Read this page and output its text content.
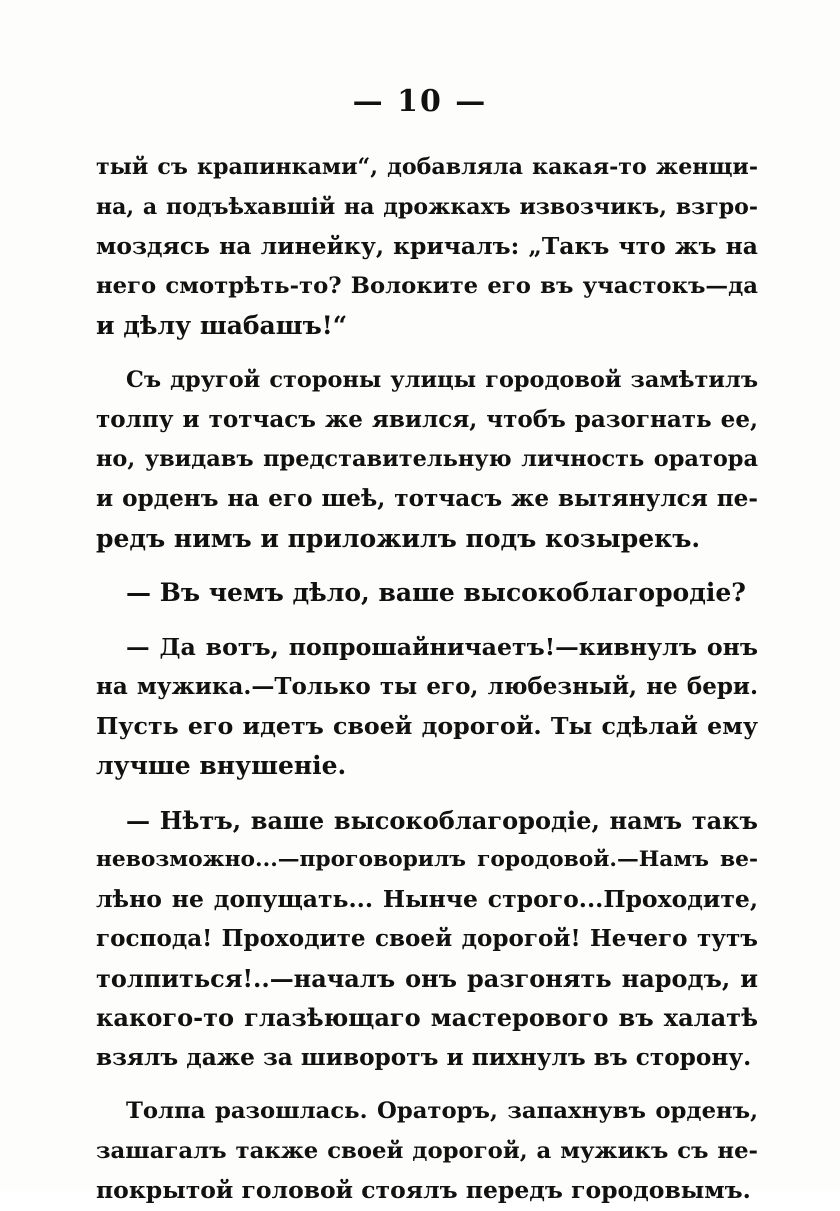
— 10 —
тый съ крапинками“, добавляла какая-то женщи-
на, а подъѣхавшій на дрожкахъ извозчикъ, взгро-
моздясь на линейку, кричалъ: „Такъ что жъ на
него смотрѣть-то? Волоките его въ участокъ—да
и дѣлу шабашъ!“
Съ другой стороны улицы городовой замѣтилъ
толпу и тотчасъ же явился, чтобъ разогнать ее,
но, увидавъ представительную личность оратора
и орденъ на его шеѣ, тотчасъ же вытянулся пе-
редъ нимъ и приложилъ подъ козырекъ.
— Въ чемъ дѣло, ваше высокоблагородіе?
— Да вотъ, попрошайничаетъ!—кивнулъ онъ
на мужика.—Только ты его, любезный, не бери.
Пусть его идетъ своей дорогой. Ты сдѣлай ему
лучше внушеніе.
— Нѣтъ, ваше высокоблагородіе, намъ такъ
невозможно...—проговорилъ городовой.—Намъ ве-
лѣно не допущать... Нынче строго...Проходите,
господа! Проходите своей дорогой! Нечего тутъ
толпиться!..—началъ онъ разгонять народъ, и
какого-то глазѣющаго мастерового въ халатѣ
взялъ даже за шиворотъ и пихнулъ въ сторону.
Толпа разошлась. Ораторъ, запахнувъ орденъ,
зашагалъ также своей дорогой, а мужикъ съ не-
покрытой головой стоялъ передъ городовымъ.
